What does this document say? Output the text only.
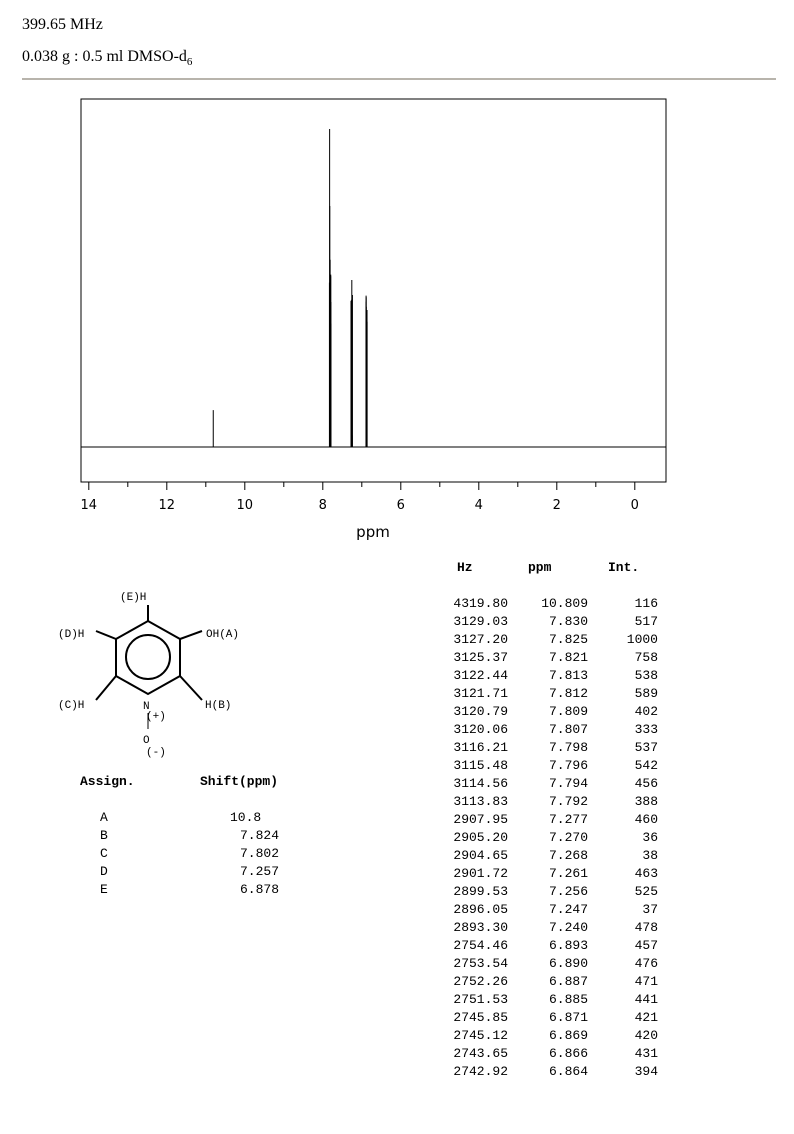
399.65 MHz
0.038 g : 0.5 ml DMSO-$d_6$
14	12	10	8	6	4	2	0
ppm
(E)H
(D)H	OH(A)
(C)H	H(B)
N
(+)
O
(-)
Assign.	Shift(ppm)
A	10.8
B	7.824
C	7.802
D	7.257
E	6.878
Hz	ppm	Int.
4319.80	10.809	116
3129.03	7.830	517
3127.20	7.825	1000
3125.37	7.821	758
3122.44	7.813	538
3121.71	7.812	589
3120.79	7.809	402
3120.06	7.807	333
3116.21	7.798	537
3115.48	7.796	542
3114.56	7.794	456
3113.83	7.792	388
2907.95	7.277	460
2905.20	7.270	36
2904.65	7.268	38
2901.72	7.261	463
2899.53	7.256	525
2896.05	7.247	37
2893.30	7.240	478
2754.46	6.893	457
2753.54	6.890	476
2752.26	6.887	471
2751.53	6.885	441
2745.85	6.871	421
2745.12	6.869	420
2743.65	6.866	431
2742.92	6.864	394
